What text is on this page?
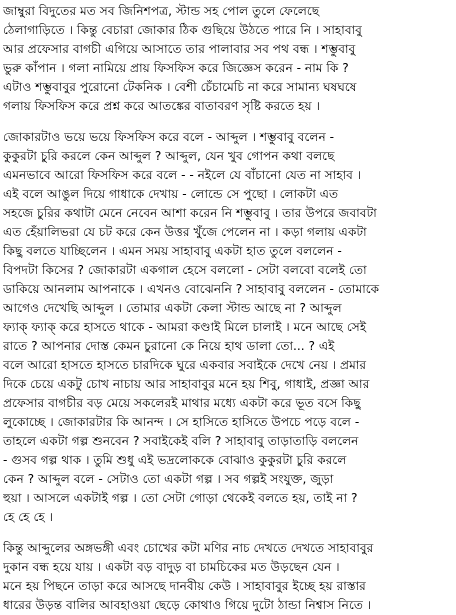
জাম্বুরা বিদুতের মত সব জিনিশপত্র, স্টান্ড সহ পোল তুলে ফেলেছে
ঠেলাগাড়িতে । কিন্তু বেচারা জোকার ঠিক গুছিয়ে উঠতে পারে নি । সাহাবাবু
আর প্রফেসার বাগচী এগিয়ে আসাতে তার পালাবার সব পথ বন্ধ । শম্ভুবাবু
ভুরু কাঁপান । গলা নামিয়ে প্রায় ফিসফিস করে জিজ্ঞেস করেন - নাম কি ?
এটাও শম্ভুবাবুর পুরোনো টেকনিক । বেশী চেঁচামেচি না করে সামান্য ঘষঘষে
গলায় ফিসফিস করে প্রশ্ন করে আতঙ্কের বাতাবরণ সৃষ্টি করতে হয় ।
জোকারটাও ভয়ে ভয়ে ফিসফিস করে বলে - আব্দুল । শম্ভুবাবু বলেন -
কুকুরটা চুরি করলে কেন আব্দুল ? আব্দুল, যেন খুব গোপন কথা বলছে
এমনভাবে আরো ফিসফিস করে বলে - - নইলে যে বাঁচানো যেত না সাহাব ।
এই বলে আঙুল দিয়ে গাধাকে দেখায় - লোন্ডে সে পুছো । লোকটা এত
সহজে চুরির কথাটা মেনে নেবেন আশা করেন নি শম্ভুবাবু । তার উপরে জবাবটা
এত হেঁয়ালিভরা যে চট করে কেন উত্তর খুঁজে পেলেন না । কড়া গলায় একটা
কিছু বলতে যাচ্ছিলেন । এমন সময় সাহাবাবু একটা হাত তুলে বললেন -
বিপদটা কিসের ? জোকারটা একগাল হেসে বললো - সেটা বলবো বলেই তো
ডাকিয়ে আনলাম আপনাকে । এখনও বোঝেননি ? সাহাবাবু বললেন - তোমাকে
আগেও দেখেছি আব্দুল । তোমার একটা কেলা স্টান্ড আছে না ? আব্দুল
ফ্যাক্ ফ্যাক্ করে হাসতে থাকে - আমরা কণ্ডাই মিলে চালাই । মনে আছে সেই
রাতে ? আপনার দোস্ত কেমন চুরানো কে নিয়ে হাথ ডালা তো... ? এই
বলে আরো হাসতে হাসতে চারদিকে ঘুরে একবার সবাইকে দেখে নেয় । প্রমার
দিকে চেয়ে একটু চোখ নাচায় আর সাহাবাবুর মনে হয় শিবু, গাধাই, প্রজ্ঞা আর
প্রফেসার বাগচীর বড় মেয়ে সকলেরই মাথার মধ্যে একটা করে ভূত বসে কিছু
লুকোচ্ছে । জোকারটার কি আনন্দ । সে হাসিতে হাসিতে উপচে পড়ে বলে -
তাহলে একটা গল্প শুনবেন ? সবাইকেই বলি ? সাহাবাবু তাড়াতাড়ি বললেন
- গুসব গল্প থাক । তুমি শুধু এই ভদ্রলোককে বোঝাও কুকুরটা চুরি করলে
কেন ? আব্দুল বলে - সেটাও তো একটা গল্প । সব গল্পই সংযুক্ত, জুড়া
হুয়া । আসলে একটাই গল্প । তো সেটা গোড়া থেকেই বলতে হয়, তাই না ?
হে হে হে ।
কিন্তু আব্দুলের অঙ্গভঙ্গী এবং চোখের কটা মণির নাচ দেখতে দেখতে সাহাবাবুর
দুকান বন্ধ হয়ে যায় । একটা বড় বাদুড় বা চামচিকের মত উড়ছেন যেন ।
মনে হয় পিছনে তাড়া করে আসছে দানবীয় কেউ । সাহাবাবুর ইচ্ছে হয় রাস্তার
ধারের উড়ন্ত বালির আবহাওয়া ছেড়ে কোথাও গিয়ে দুটো ঠান্ডা নিশ্বাস নিতে ।
